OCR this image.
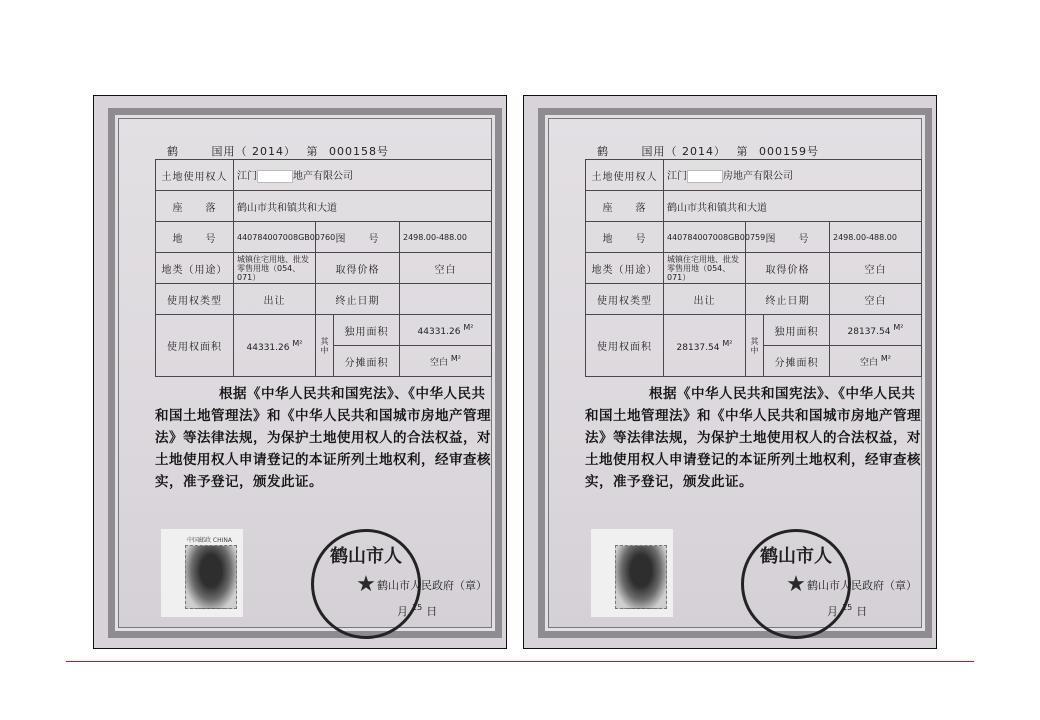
鹤	国用（ 2014） 第 000158号
土地使用权人	江门 地产有限公司			
座　　落	鹤山市共和镇共和大道			
地　　号	440784007008GB00760	图　　号		2498.00-488.00
地类（用途）	城镇住宅用地、批发零售用地（054、071）	取得价格		空白
使用权类型	出让	终止日期		
使用权面积	44331.26 M²	其中	独用面积	44331.26 M²
			分摊面积	空白 M²
根据《中华人民共和国宪法》、《中华人民共和国土地管理法》和《中华人民共和国城市房地产管理法》等法律法规，为保护土地使用权人的合法权益，对土地使用权人申请登记的本证所列土地权利，经审查核实，准予登记，颁发此证。
中国邮政 CHINA
鹤山市人
★ 鹤山市人民政府（章）
月 $^{15}$ 日
鹤	国用（ 2014） 第 000159号
土地使用权人	江门 房地产有限公司			
座　　落	鹤山市共和镇共和大道			
地　　号	440784007008GB00759	图　　号		2498.00-488.00
地类（用途）	城镇住宅用地、批发零售用地（054、071）	取得价格		空白
使用权类型	出让	终止日期		空白
使用权面积	28137.54 M²	其中	独用面积	28137.54 M²
			分摊面积	空白 M²
根据《中华人民共和国宪法》、《中华人民共和国土地管理法》和《中华人民共和国城市房地产管理法》等法律法规，为保护土地使用权人的合法权益，对土地使用权人申请登记的本证所列土地权利，经审查核实，准予登记，颁发此证。
鹤山市人
★ 鹤山市人民政府（章）
月 $^{15}$ 日
